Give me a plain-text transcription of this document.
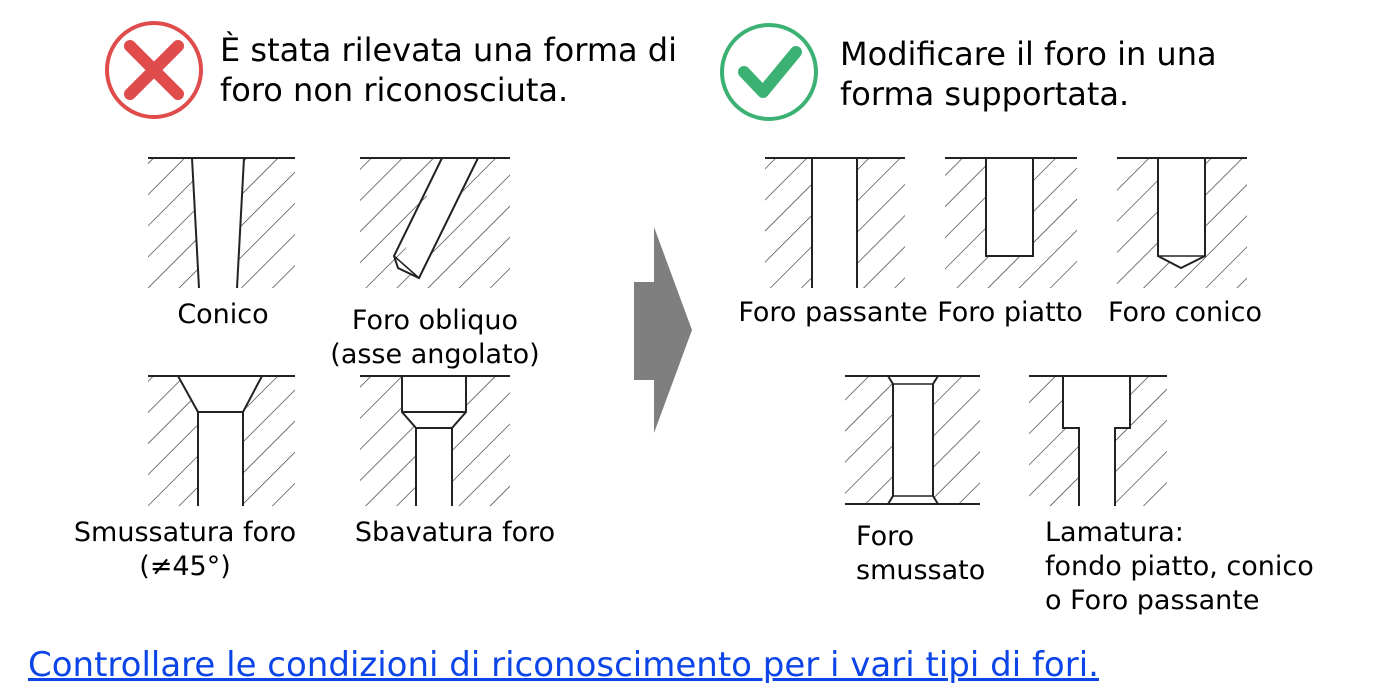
È stata rilevata una forma di
foro non riconosciuta.
Modificare il foro in una
forma supportata.
Conico	Foro obliquo
(asse angolato)
Smussatura foro
(≠45°)
Sbavatura foro
Foro passante Foro piatto Foro conico
Foro
smussato
Lamatura:
fondo piatto, conico
o Foro passante
Controllare le condizioni di riconoscimento per i vari tipi di fori.
